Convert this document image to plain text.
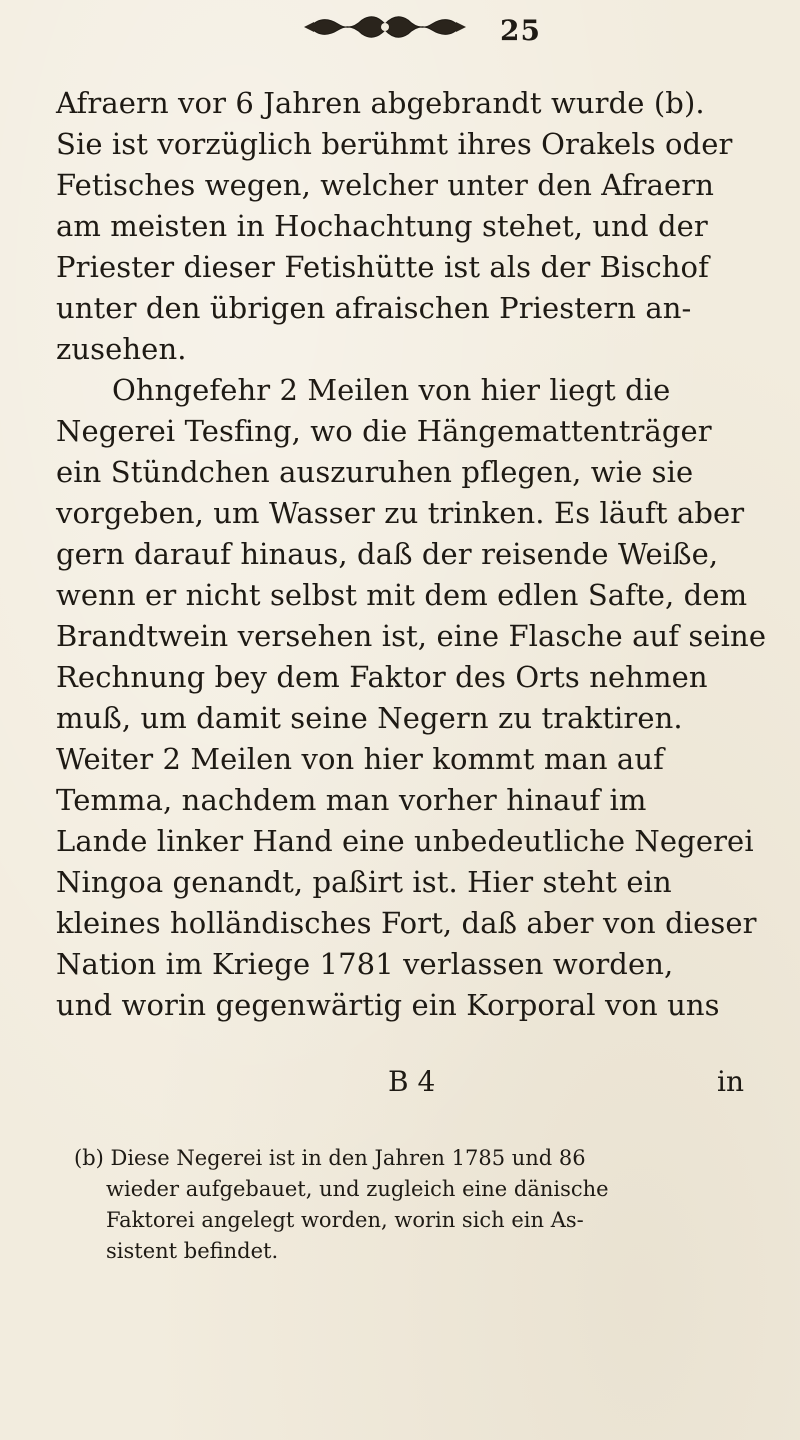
25
Afraern vor 6 Jahren abgebrandt wurde (b).
Sie ist vorzüglich berühmt ihres Orakels oder
Fetisches wegen, welcher unter den Afraern
am meisten in Hochachtung stehet, und der
Priester dieser Fetishütte ist als der Bischof
unter den übrigen afraischen Priestern an-
zusehen.
Ohngefehr 2 Meilen von hier liegt die
Negerei Tesfing, wo die Hängemattenträger
ein Stündchen auszuruhen pflegen, wie sie
vorgeben, um Wasser zu trinken. Es läuft aber
gern darauf hinaus, daß der reisende Weiße,
wenn er nicht selbst mit dem edlen Safte, dem
Brandtwein versehen ist, eine Flasche auf seine
Rechnung bey dem Faktor des Orts nehmen
muß, um damit seine Negern zu traktiren.
Weiter 2 Meilen von hier kommt man auf
Temma, nachdem man vorher hinauf im
Lande linker Hand eine unbedeutliche Negerei
Ningoa genandt, paßirt ist. Hier steht ein
kleines holländisches Fort, daß aber von dieser
Nation im Kriege 1781 verlassen worden,
und worin gegenwärtig ein Korporal von uns
B 4	in
(b) Diese Negerei ist in den Jahren 1785 und 86
wieder aufgebauet, und zugleich eine dänische
Faktorei angelegt worden, worin sich ein As-
sistent befindet.
